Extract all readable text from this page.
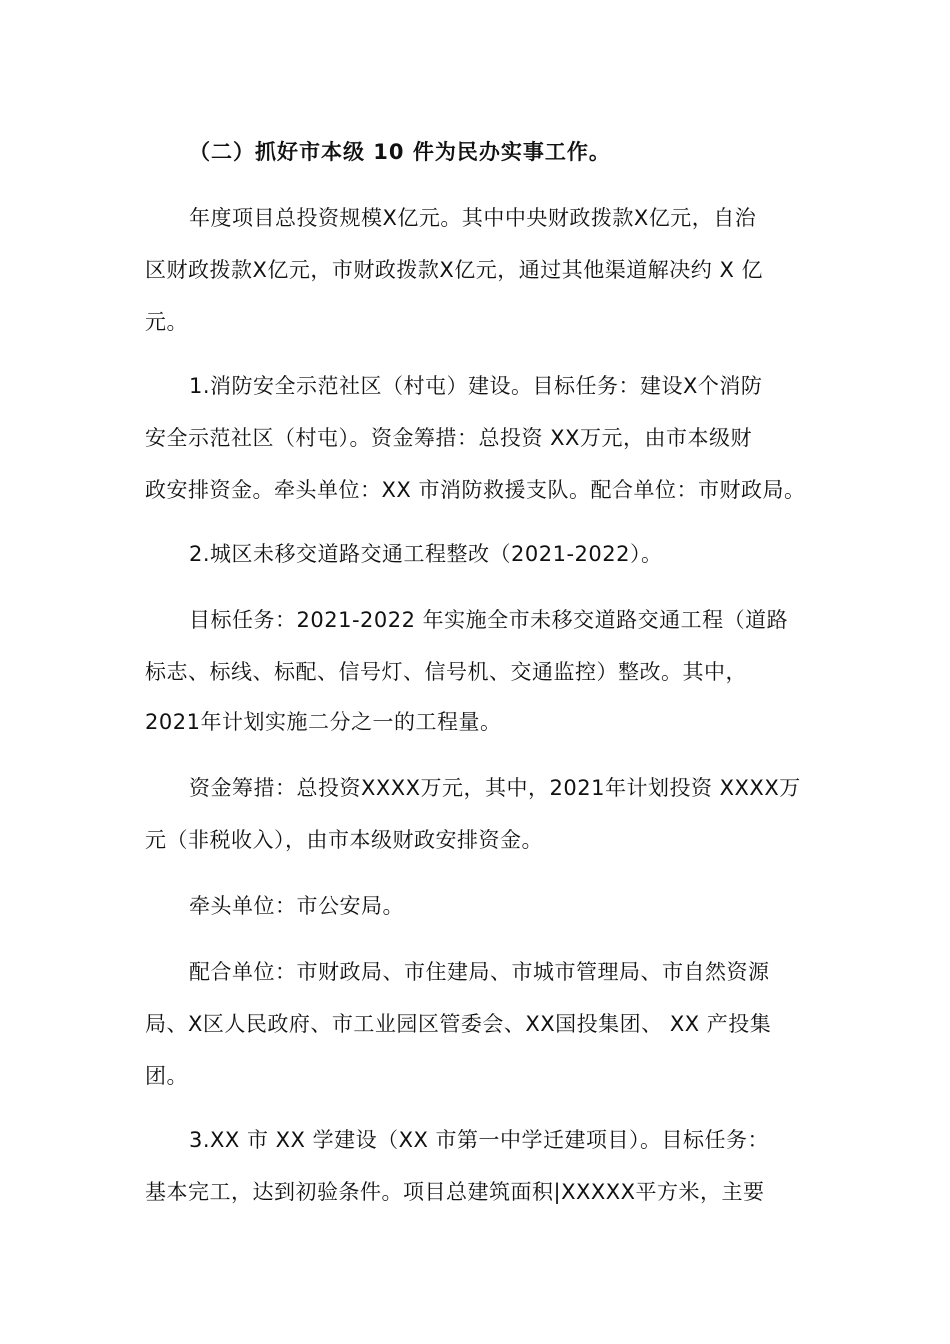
（二）抓好市本级 10 件为民办实事工作。
年度项目总投资规模X亿元。其中中央财政拨款X亿元，自治
区财政拨款X亿元，市财政拨款X亿元，通过其他渠道解决约 X 亿
元。
1.消防安全示范社区（村屯）建设。目标任务：建设X个消防
安全示范社区（村屯）。资金筹措：总投资 XX万元，由市本级财
政安排资金。牵头单位：XX 市消防救援支队。配合单位：市财政局。
2.城区未移交道路交通工程整改（2021-2022）。
目标任务：2021-2022 年实施全市未移交道路交通工程（道路
标志、标线、标配、信号灯、信号机、交通监控）整改。其中，
2021年计划实施二分之一的工程量。
资金筹措：总投资XXXX万元，其中，2021年计划投资 XXXX万
元（非税收入），由市本级财政安排资金。
牵头单位：市公安局。
配合单位：市财政局、市住建局、市城市管理局、市自然资源
局、X区人民政府、市工业园区管委会、XX国投集团、 XX 产投集
团。
3.XX 市 XX 学建设（XX 市第一中学迁建项目）。目标任务：
基本完工，达到初验条件。项目总建筑面积|XXXXX平方米，主要
